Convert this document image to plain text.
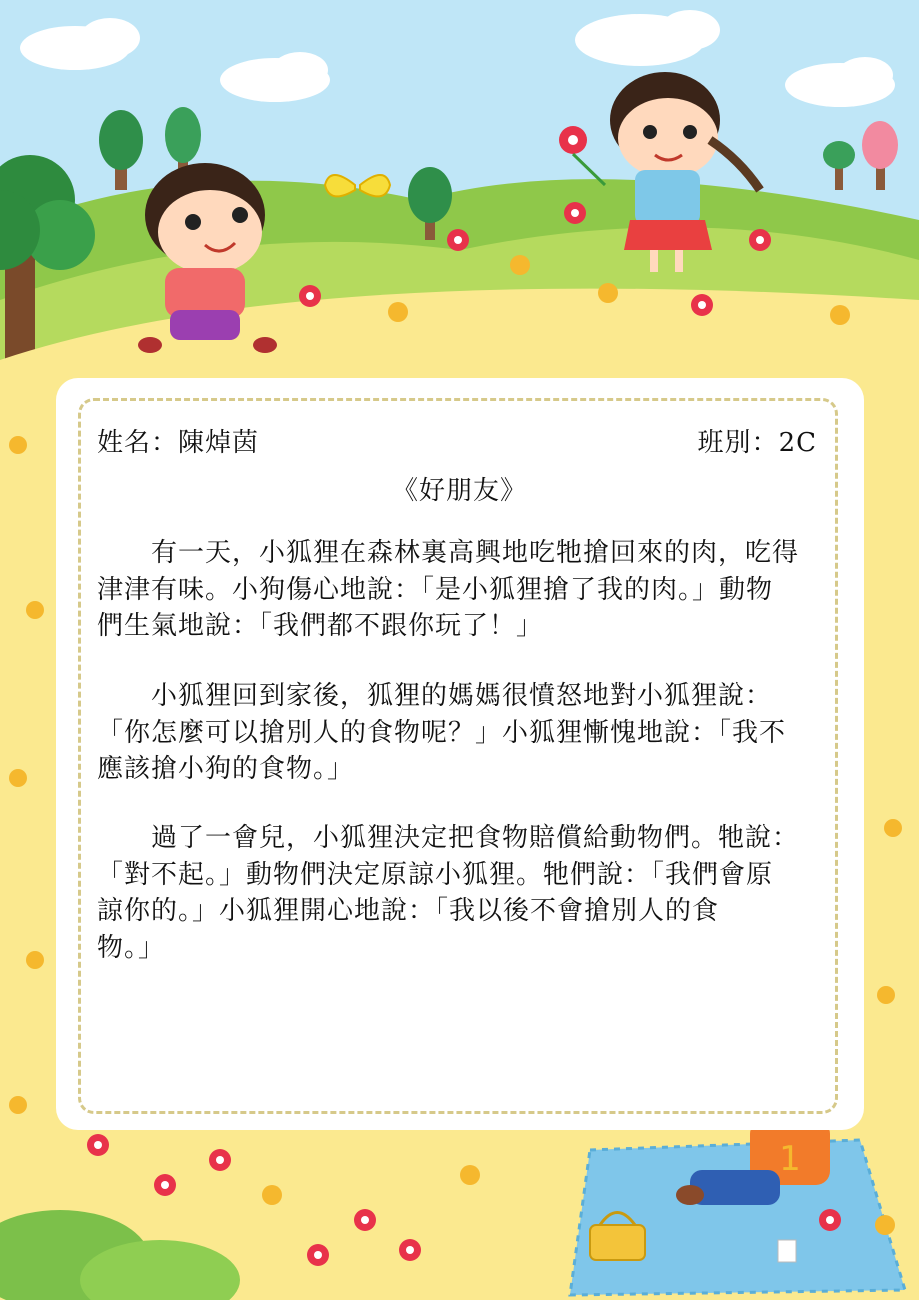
1
姓名：陳焯茵	班別：2C
《好朋友》
　　有一天，小狐狸在森林裏高興地吃牠搶回來的肉，吃得
津津有味。小狗傷心地說：「是小狐狸搶了我的肉。」動物
們生氣地說：「我們都不跟你玩了！」
　　小狐狸回到家後，狐狸的媽媽很憤怒地對小狐狸說：
「你怎麼可以搶別人的食物呢？」小狐狸慚愧地說：「我不
應該搶小狗的食物。」
　　過了一會兒，小狐狸決定把食物賠償給動物們。牠說：
「對不起。」動物們決定原諒小狐狸。牠們說：「我們會原
諒你的。」小狐狸開心地說：「我以後不會搶別人的食
物。」
